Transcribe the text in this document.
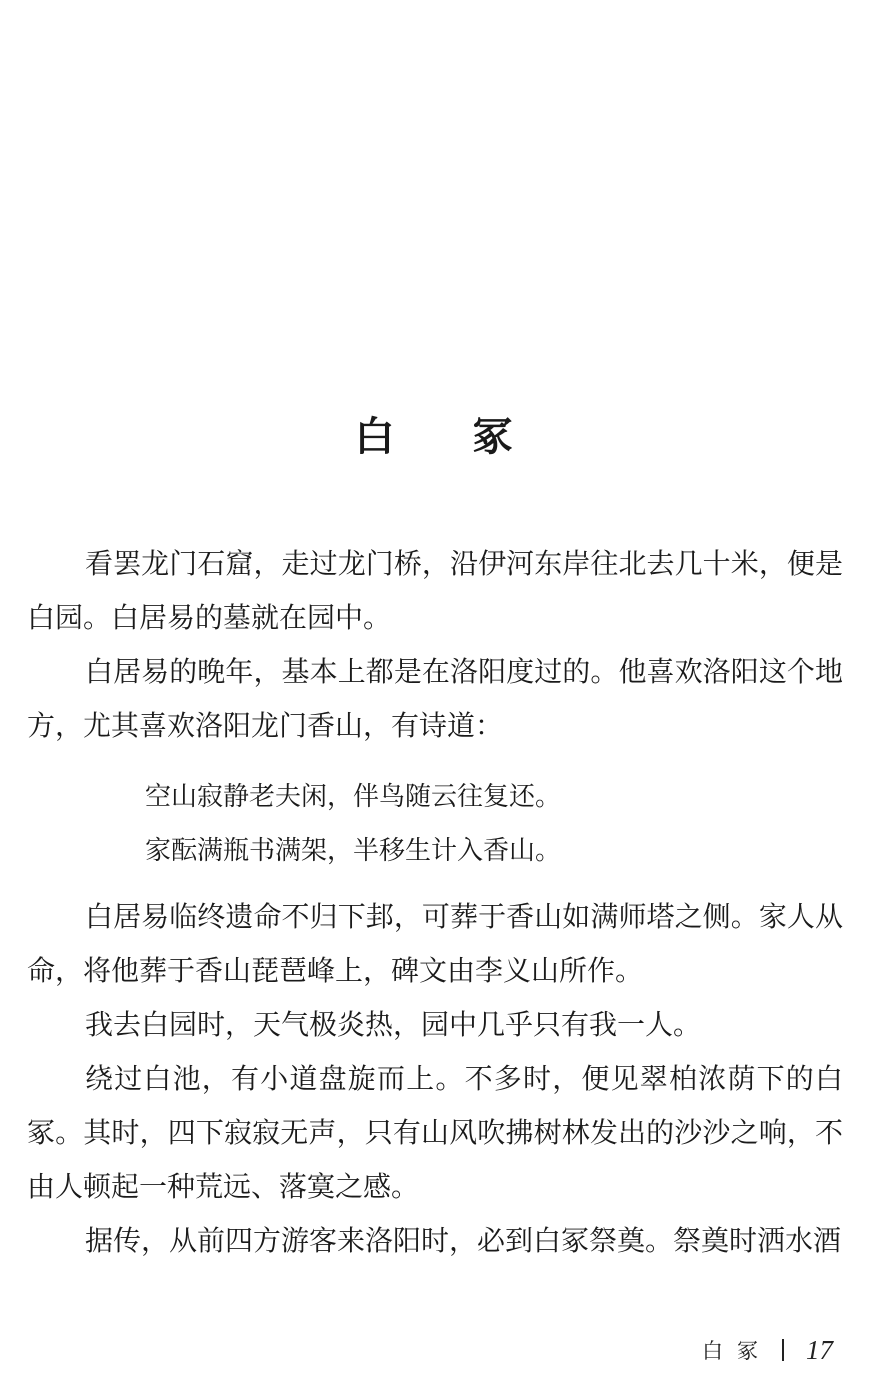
白 冢

看罢龙门石窟，走过龙门桥，沿伊河东岸往北去几十米，便是白园。白居易的墓就在园中。

白居易的晚年，基本上都是在洛阳度过的。他喜欢洛阳这个地方，尤其喜欢洛阳龙门香山，有诗道：

空山寂静老夫闲，伴鸟随云往复还。
家酝满瓶书满架，半移生计入香山。

白居易临终遗命不归下邽，可葬于香山如满师塔之侧。家人从命，将他葬于香山琵琶峰上，碑文由李义山所作。

我去白园时，天气极炎热，园中几乎只有我一人。

绕过白池，有小道盘旋而上。不多时，便见翠柏浓荫下的白冢。其时，四下寂寂无声，只有山风吹拂树林发出的沙沙之响，不由人顿起一种荒远、落寞之感。

据传，从前四方游客来洛阳时，必到白冢祭奠。祭奠时洒水酒

白冢 17
